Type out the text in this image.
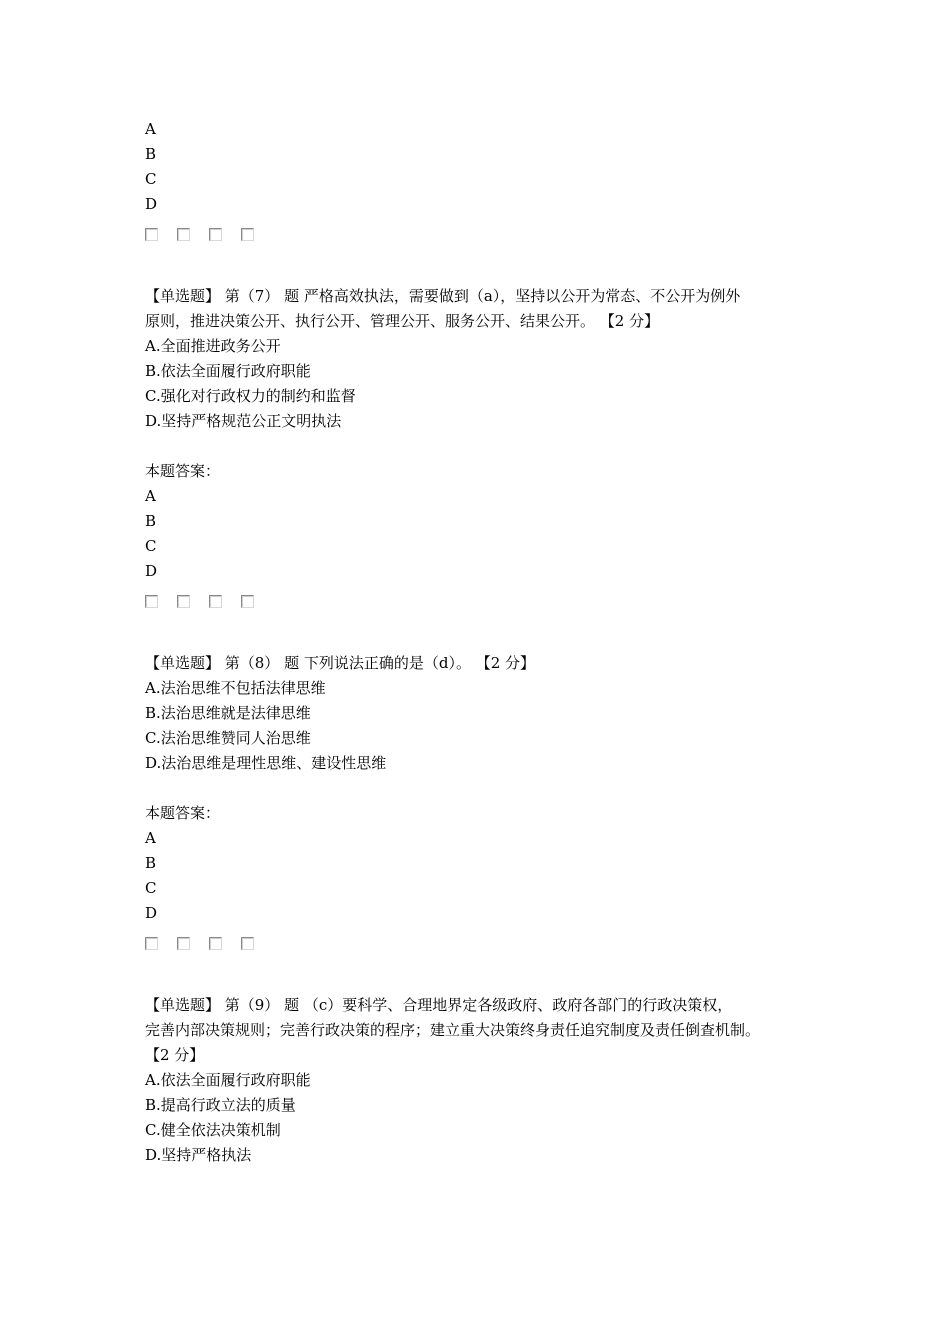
A
B
C
D
【单选题】 第（7） 题 严格高效执法，需要做到（a），坚持以公开为常态、不公开为例外
原则，推进决策公开、执行公开、管理公开、服务公开、结果公开。 【2 分】
A.全面推进政务公开
B.依法全面履行政府职能
C.强化对行政权力的制约和监督
D.坚持严格规范公正文明执法
本题答案：
A
B
C
D
【单选题】 第（8） 题 下列说法正确的是（d）。 【2 分】
A.法治思维不包括法律思维
B.法治思维就是法律思维
C.法治思维赞同人治思维
D.法治思维是理性思维、建设性思维
本题答案：
A
B
C
D
【单选题】 第（9） 题 （c）要科学、合理地界定各级政府、政府各部门的行政决策权，
完善内部决策规则；完善行政决策的程序；建立重大决策终身责任追究制度及责任倒查机制。
【2 分】
A.依法全面履行政府职能
B.提高行政立法的质量
C.健全依法决策机制
D.坚持严格执法
